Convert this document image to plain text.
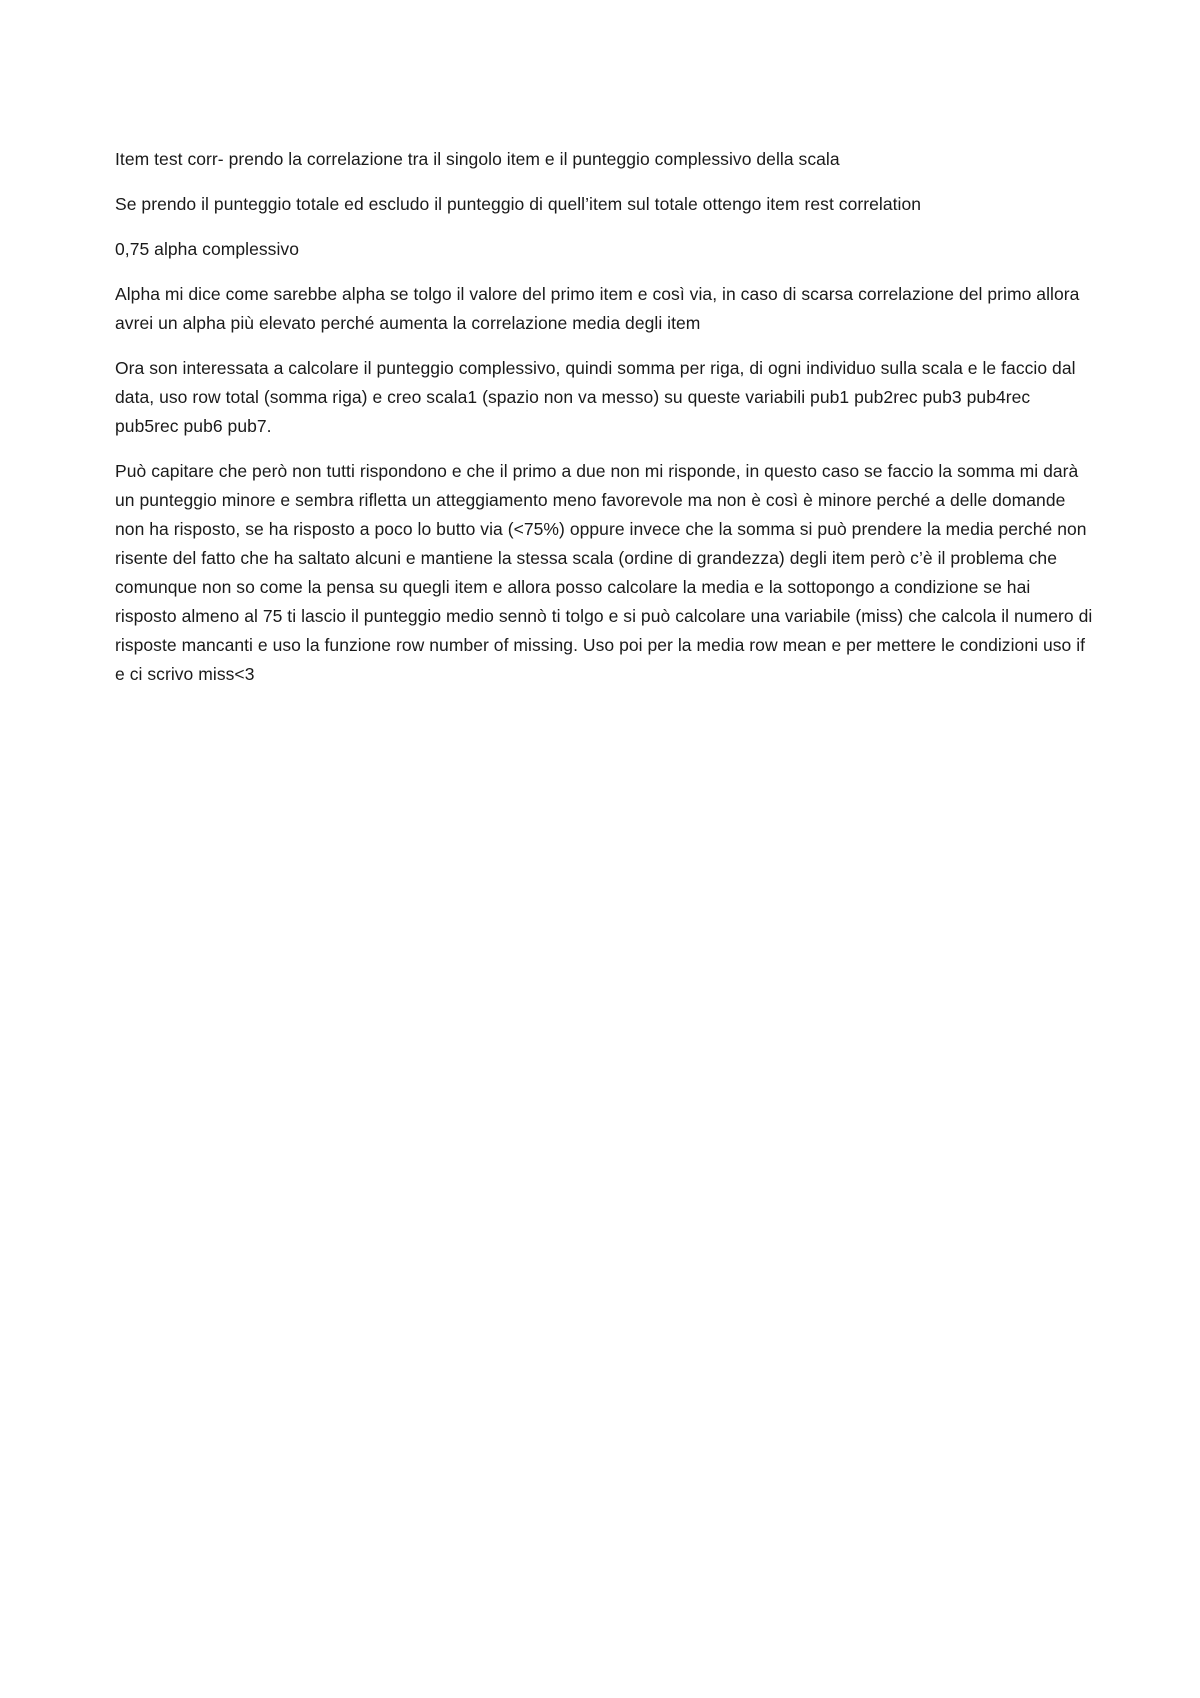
Item test corr- prendo la correlazione tra il singolo item e il punteggio complessivo della scala

Se prendo il punteggio totale ed escludo il punteggio di quell’item sul totale ottengo item rest correlation

0,75 alpha complessivo

Alpha mi dice come sarebbe alpha se tolgo il valore del primo item e così via, in caso di scarsa correlazione del primo allora avrei un alpha più elevato perché aumenta la correlazione media degli item

Ora son interessata a calcolare il punteggio complessivo, quindi somma per riga, di ogni individuo sulla scala e le faccio dal data, uso row total (somma riga) e creo scala1 (spazio non va messo) su queste variabili pub1 pub2rec pub3 pub4rec pub5rec pub6 pub7.

Può capitare che però non tutti rispondono e che il primo a due non mi risponde, in questo caso se faccio la somma mi darà un punteggio minore e sembra rifletta un atteggiamento meno favorevole ma non è così è minore perché a delle domande non ha risposto, se ha risposto a poco lo butto via (<75%) oppure invece che la somma si può prendere la media perché non risente del fatto che ha saltato alcuni e mantiene la stessa scala (ordine di grandezza) degli item però c’è il problema che comunque non so come la pensa su quegli item e allora posso calcolare la media e la sottopongo a condizione se hai risposto almeno al 75 ti lascio il punteggio medio sennò ti tolgo e si può calcolare una variabile (miss) che calcola il numero di risposte mancanti e uso la funzione row number of missing. Uso poi per la media row mean e per mettere le condizioni uso if e ci scrivo miss<3
